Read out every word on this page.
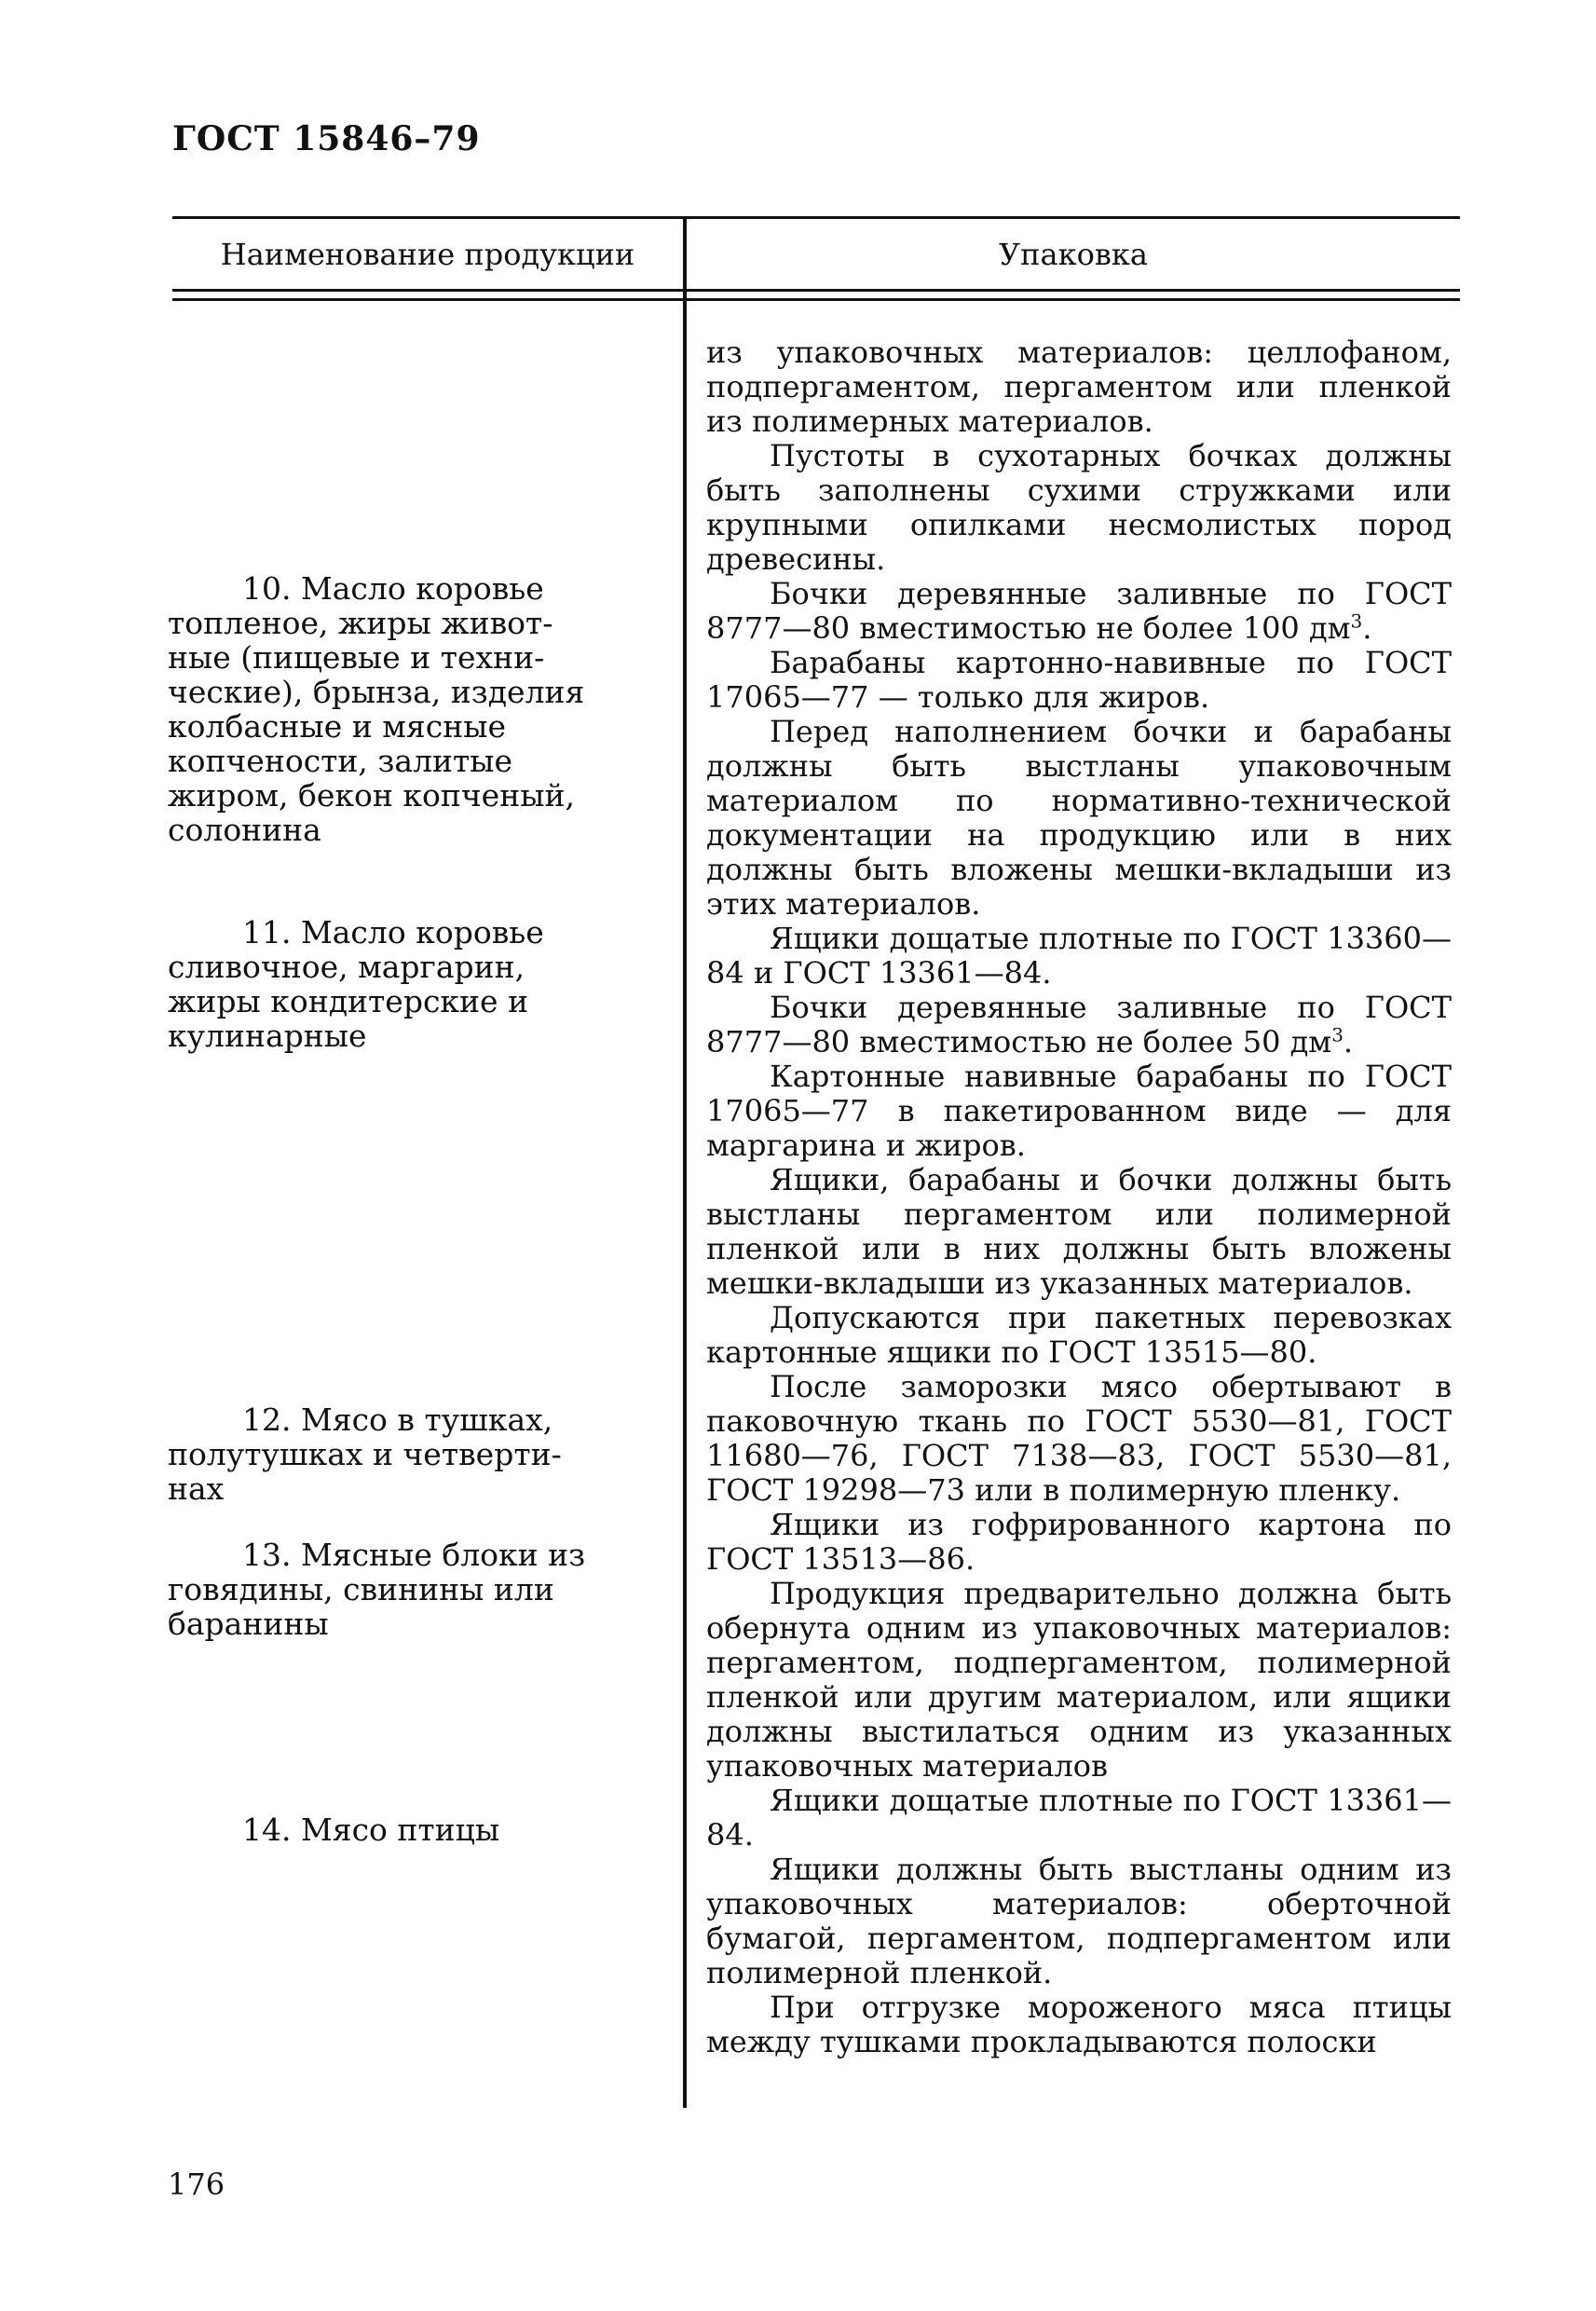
ГОСТ 15846–79
Наименование продукции	Упаковка
10. Масло коровье
топленое, жиры живот-
ные (пищевые и техни-
ческие), брынза, изделия
колбасные и мясные
копчености, залитые
жиром, бекон копченый,
солонина
11. Масло коровье
сливочное, маргарин,
жиры кондитерские и
кулинарные
12. Мясо в тушках,
полутушках и четверти-
нах
13. Мясные блоки из
говядины, свинины или
баранины
14. Мясо птицы

из упаковочных материалов: целлофаном, подпергаментом, пергаментом или пленкой из полимерных материалов.

Пустоты в сухотарных бочках должны быть заполнены сухими стружками или крупными опилками несмолистых пород древесины.

Бочки деревянные заливные по ГОСТ 8777—80 вместимостью не более 100 $дм^3$.

Барабаны картонно-навивные по ГОСТ 17065—77 — только для жиров.

Перед наполнением бочки и барабаны должны быть выстланы упаковочным материалом по нормативно-технической документации на продукцию или в них должны быть вложены мешки-вкладыши из этих материалов.

Ящики дощатые плотные по ГОСТ 13360—84 и ГОСТ 13361—84.

Бочки деревянные заливные по ГОСТ 8777—80 вместимостью не более 50 $дм^3$.

Картонные навивные барабаны по ГОСТ 17065—77 в пакетированном виде — для маргарина и жиров.

Ящики, барабаны и бочки должны быть выстланы пергаментом или полимерной пленкой или в них должны быть вложены мешки-вкладыши из указанных материалов.

Допускаются при пакетных перевозках картонные ящики по ГОСТ 13515—80.

После заморозки мясо обертывают в паковочную ткань по ГОСТ 5530—81, ГОСТ 11680—76, ГОСТ 7138—83, ГОСТ 5530—81, ГОСТ 19298—73 или в полимерную пленку.

Ящики из гофрированного картона по ГОСТ 13513—86.

Продукция предварительно должна быть обернута одним из упаковочных материалов: пергаментом, подпергаментом, полимерной пленкой или другим материалом, или ящики должны выстилаться одним из указанных упаковочных материалов

Ящики дощатые плотные по ГОСТ 13361—84.

Ящики должны быть выстланы одним из упаковочных материалов: оберточной бумагой, пергаментом, подпергаментом или полимерной пленкой.

При отгрузке мороженого мяса птицы между тушками прокладываются полоски

176
